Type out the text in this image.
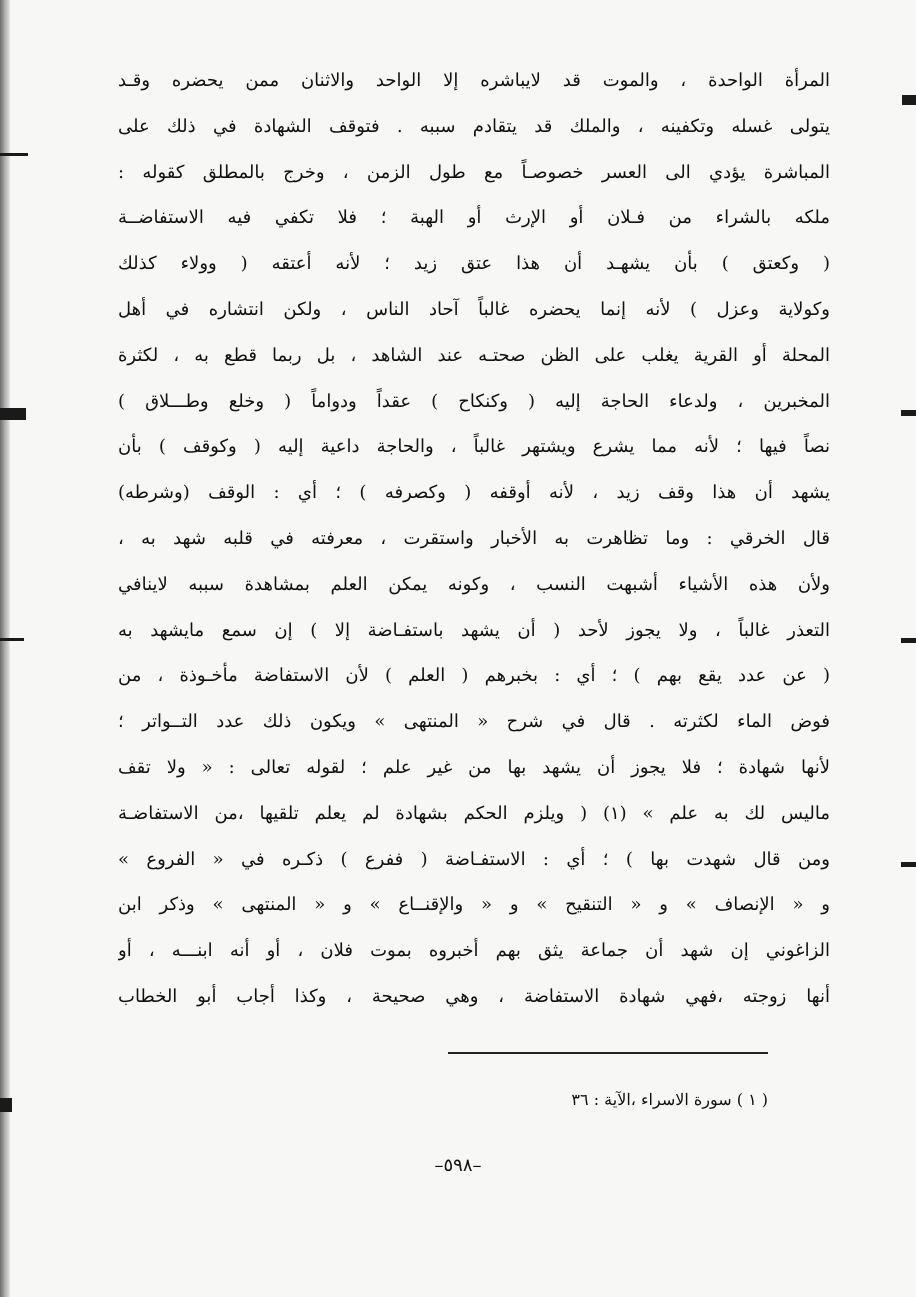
المرأة الواحدة ، والموت قد لايباشره إلا الواحد والاثنان ممن يحضره وقـد
يتولى غسله وتكفينه ، والملك قد يتقادم سببه . فتوقف الشهادة في ذلك على
المباشرة يؤدي الى العسر خصوصـاً مع طول الزمن ، وخرج بالمطلق كقوله :
ملكه بالشراء من فـلان أو الإرث أو الهبة ؛ فلا تكفي فيه الاستفاضــة
( وكعتق ) بأن يشهـد أن هذا عتق زيد ؛ لأنه أعتقه ( وولاء كذلك
وكولاية وعزل ) لأنه إنما يحضره غالباً آحاد الناس ، ولكن انتشاره في أهل
المحلة أو القرية يغلب على الظن صحتـه عند الشاهد ، بل ربما قطع به ، لكثرة
المخبرين ، ولدعاء الحاجة إليه ( وكنكاح ) عقداً ودواماً ( وخلع وطـــلاق )
نصاً فيها ؛ لأنه مما يشرع ويشتهر غالباً ، والحاجة داعية إليه ( وكوقف ) بأن
يشهد أن هذا وقف زيد ، لأنه أوقفه ( وكصرفه ) ؛ أي : الوقف (وشرطه)
قال الخرقي : وما تظاهرت به الأخبار واستقرت ، معرفته في قلبه شهد به ،
ولأن هذه الأشياء أشبهت النسب ، وكونه يمكن العلم بمشاهدة سببه لاينافي
التعذر غالباً ، ولا يجوز لأحد ( أن يشهد باستفـاضة إلا ) إن سمع مايشهد به
( عن عدد يقع بهم ) ؛ أي : بخبرهم ( العلم ) لأن الاستفاضة مأخـوذة ، من
فوض الماء لكثرته . قال في شرح « المنتهى » ويكون ذلك عدد التــواتر ؛
لأنها شهادة ؛ فلا يجوز أن يشهد بها من غير علم ؛ لقوله تعالى : « ولا تقف
ماليس لك به علم » (١) ( ويلزم الحكم بشهادة لم يعلم تلقيها ،من الاستفاضـة
ومن قال شهدت بها ) ؛ أي : الاستفـاضة ( ففرع ) ذكـره في « الفروع »
و « الإنصاف » و « التنقيح » و « والإقنــاع » و « المنتهى » وذكر ابن
الزاغوني إن شهد أن جماعة يثق بهم أخبروه بموت فلان ، أو أنه ابنـــه ، أو
أنها زوجته ،فهي شهادة الاستفاضة ، وهي صحيحة ، وكذا أجاب أبو الخطاب
( ١ ) سورة الاسراء ،الآية : ٣٦
–٥٩٨–
